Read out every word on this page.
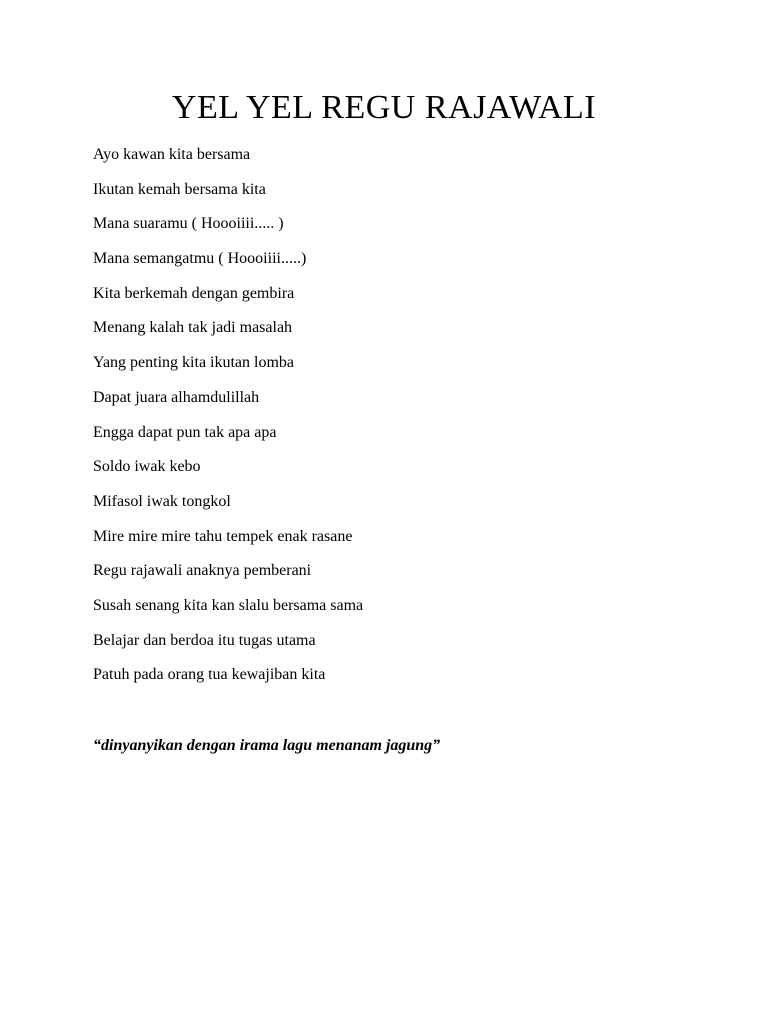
YEL YEL REGU RAJAWALI
Ayo kawan kita bersama
Ikutan kemah bersama kita
Mana suaramu ( Hoooiiii..... )
Mana semangatmu ( Hoooiiii.....)
Kita berkemah dengan gembira
Menang kalah tak jadi masalah
Yang penting kita ikutan lomba
Dapat juara alhamdulillah
Engga dapat pun tak apa apa
Soldo iwak kebo
Mifasol iwak tongkol
Mire mire mire tahu tempek enak rasane
Regu rajawali anaknya pemberani
Susah senang kita kan slalu bersama sama
Belajar dan berdoa itu tugas utama
Patuh pada orang tua kewajiban kita

“dinyanyikan dengan irama lagu menanam jagung”
